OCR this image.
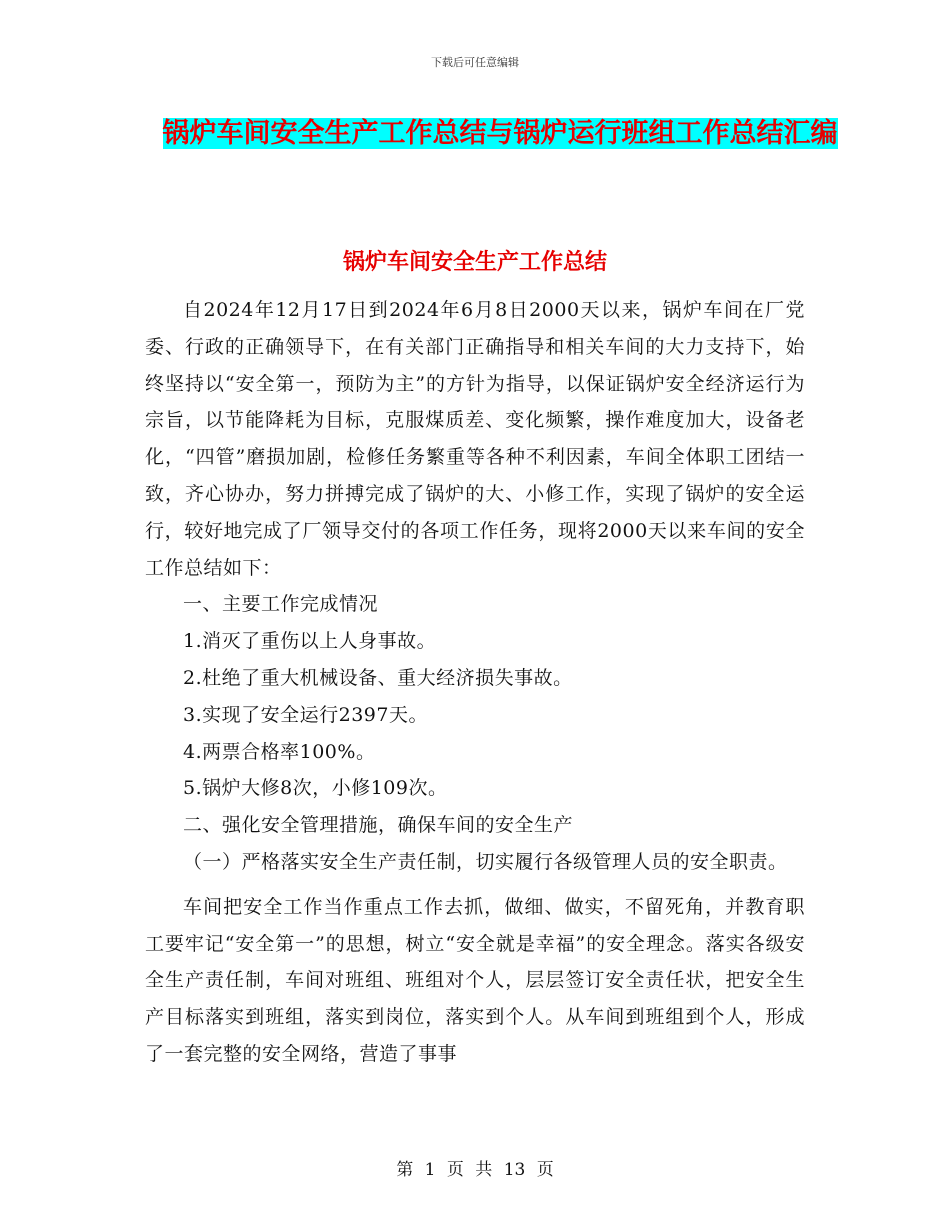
下载后可任意编辑
锅炉车间安全生产工作总结与锅炉运行班组工作总结汇编
锅炉车间安全生产工作总结

自2024年12月17日到2024年6月8日2000天以来，锅炉车间在厂党委、行政的正确领导下，在有关部门正确指导和相关车间的大力支持下，始终坚持以“安全第一，预防为主”的方针为指导，以保证锅炉安全经济运行为宗旨，以节能降耗为目标，克服煤质差、变化频繁，操作难度加大，设备老化，“四管”磨损加剧，检修任务繁重等各种不利因素，车间全体职工团结一致，齐心协办，努力拼搏完成了锅炉的大、小修工作，实现了锅炉的安全运行，较好地完成了厂领导交付的各项工作任务，现将2000天以来车间的安全工作总结如下：

一、主要工作完成情况

1.消灭了重伤以上人身事故。

2.杜绝了重大机械设备、重大经济损失事故。

3.实现了安全运行2397天。

4.两票合格率100%。

5.锅炉大修8次，小修109次。

二、强化安全管理措施，确保车间的安全生产

（一）严格落实安全生产责任制，切实履行各级管理人员的安全职责。

车间把安全工作当作重点工作去抓，做细、做实，不留死角，并教育职工要牢记“安全第一”的思想，树立“安全就是幸福”的安全理念。落实各级安全生产责任制，车间对班组、班组对个人，层层签订安全责任状，把安全生产目标落实到班组，落实到岗位，落实到个人。从车间到班组到个人，形成了一套完整的安全网络，营造了事事

第 1 页 共 13 页
